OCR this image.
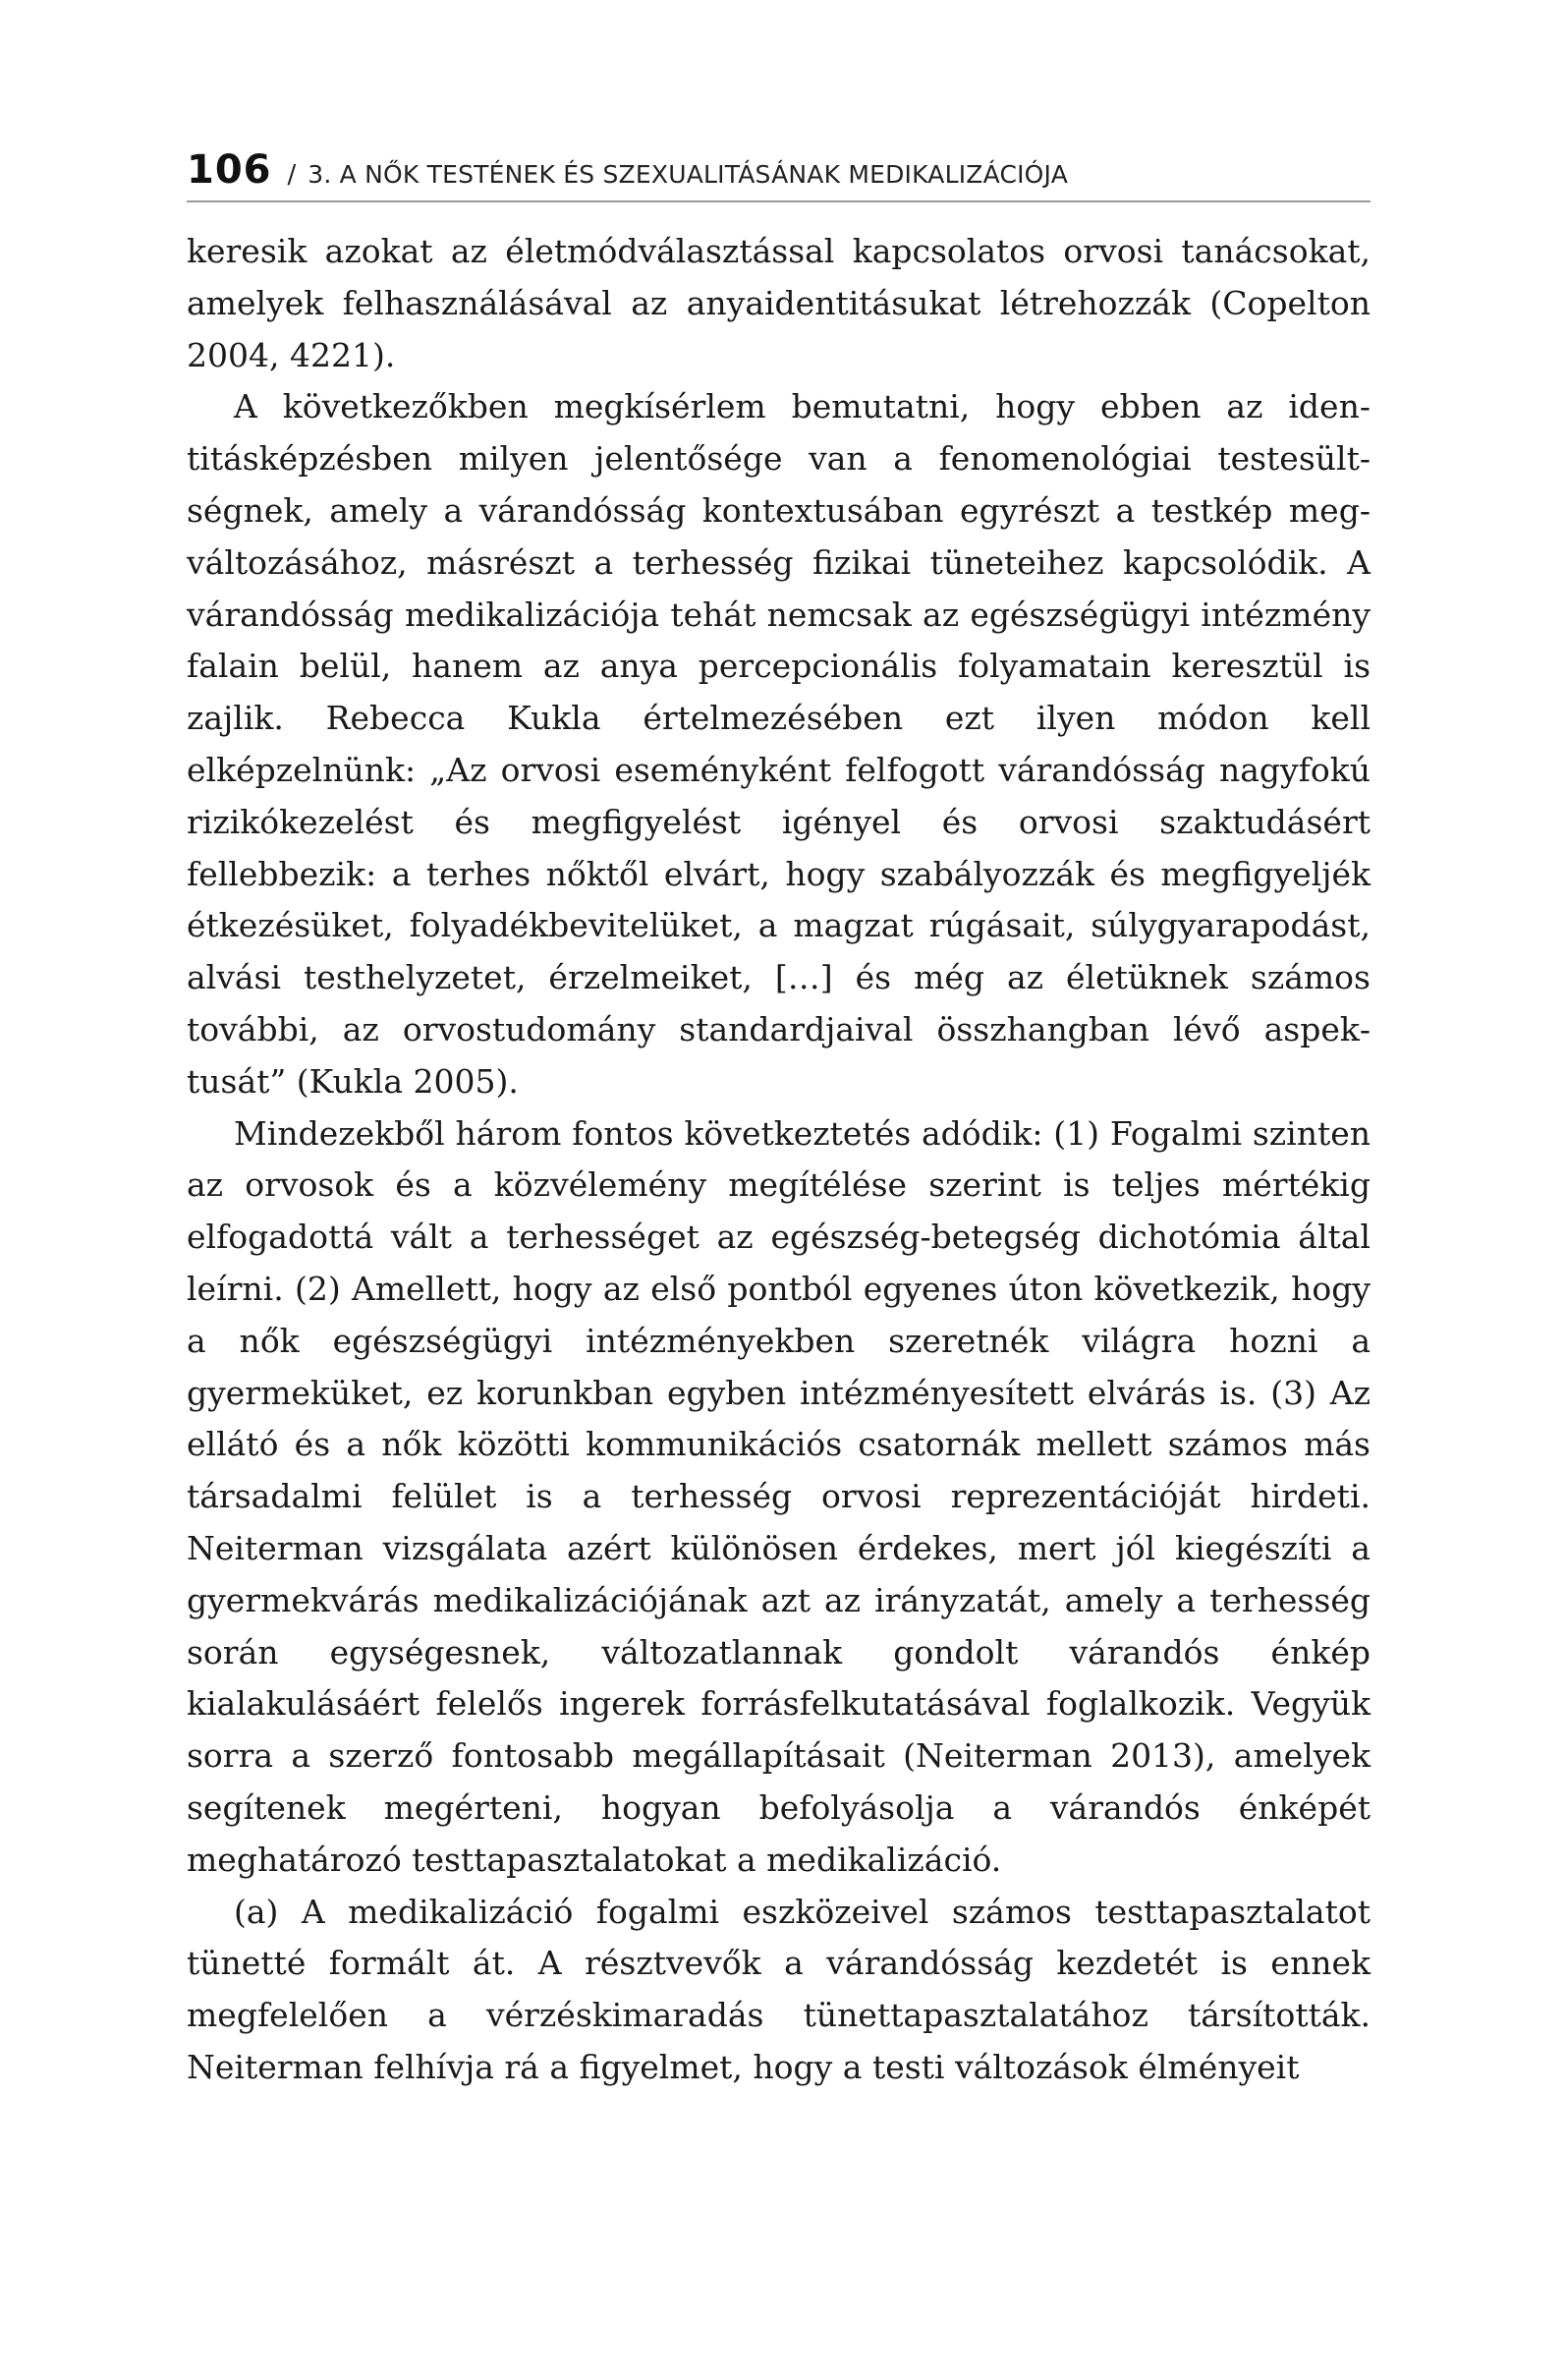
106 / 3. A NŐK TESTÉNEK ÉS SZEXUALITÁSÁNAK MEDIKALIZÁCIÓJA

keresik azokat az életmódválasztással kapcsolatos orvosi tanácsokat, amelyek felhasználásával az anyaidentitásukat létrehozzák (Copelton 2004, 4221).

A következőkben megkísérlem bemutatni, hogy ebben az identitásképzésben milyen jelentősége van a fenomenológiai testesültségnek, amely a várandósság kontextusában egyrészt a testkép megváltozásához, másrészt a terhesség fizikai tüneteihez kapcsolódik. A várandósság medikalizációja tehát nemcsak az egészségügyi intézmény falain belül, hanem az anya percepcionális folyamatain keresztül is zajlik. Rebecca Kukla értelmezésében ezt ilyen módon kell elképzelnünk: „Az orvosi eseményként felfogott várandósság nagyfokú rizikókezelést és megfigyelést igényel és orvosi szaktudásért fellebbezik: a terhes nőktől elvárt, hogy szabályozzák és megfigyeljék étkezésüket, folyadékbevitelüket, a magzat rúgásait, súlygyarapodást, alvási testhelyzetet, érzelmeiket, […] és még az életüknek számos további, az orvostudomány standardjaival összhangban lévő aspektusát” (Kukla 2005).

Mindezekből három fontos következtetés adódik: (1) Fogalmi szinten az orvosok és a közvélemény megítélése szerint is teljes mértékig elfogadottá vált a terhességet az egészség-betegség dichotómia által leírni. (2) Amellett, hogy az első pontból egyenes úton következik, hogy a nők egészségügyi intézményekben szeretnék világra hozni a gyermeküket, ez korunkban egyben intézményesített elvárás is. (3) Az ellátó és a nők közötti kommunikációs csatornák mellett számos más társadalmi felület is a terhesség orvosi reprezentációját hirdeti. Neiterman vizsgálata azért különösen érdekes, mert jól kiegészíti a gyermekvárás medikalizációjának azt az irányzatát, amely a terhesség során egységesnek, változatlannak gondolt várandós énkép kialakulásáért felelős ingerek forrásfelkutatásával foglalkozik. Vegyük sorra a szerző fontosabb megállapításait (Neiterman 2013), amelyek segítenek megérteni, hogyan befolyásolja a várandós énképét meghatározó testtapasztalatokat a medikalizáció.

(a) A medikalizáció fogalmi eszközeivel számos testtapasztalatot tünetté formált át. A résztvevők a várandósság kezdetét is ennek megfelelően a vérzéskimaradás tünettapasztalatához társították. Neiterman felhívja rá a figyelmet, hogy a testi változások élményeit
